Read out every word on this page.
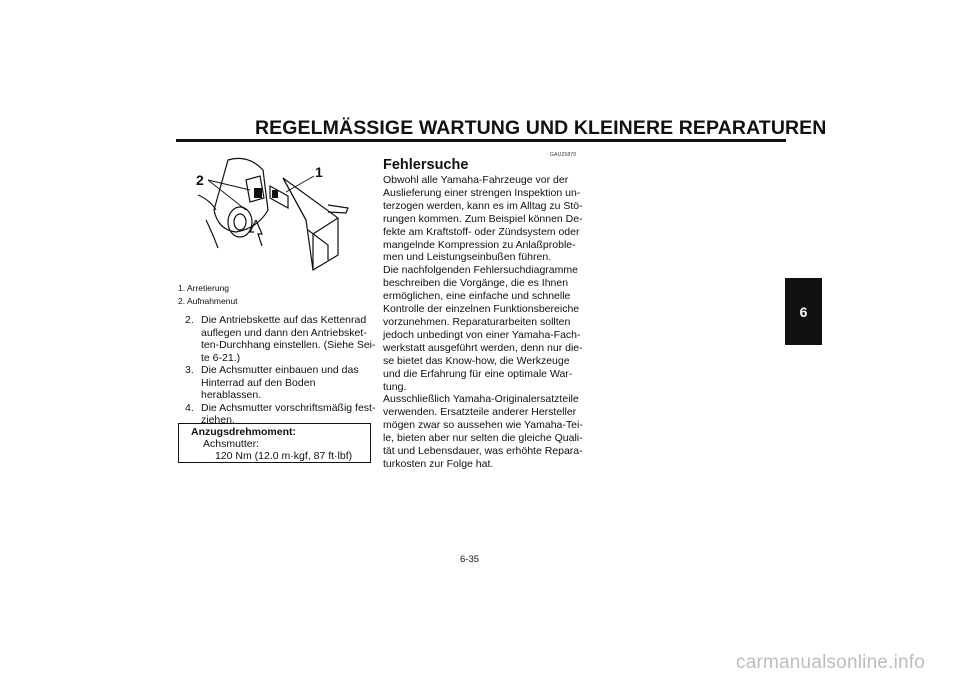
REGELMÄSSIGE WARTUNG UND KLEINERE REPARATUREN
6
2	1
1. Arretierung
2. Aufnahmenut
2. Die Antriebskette auf das Kettenrad auflegen und dann den Antriebsketten-Durchhang einstellen. (Siehe Seite 6-21.)
3. Die Achsmutter einbauen und das Hinterrad auf den Boden herablassen.
4. Die Achsmutter vorschriftsmäßig festziehen.
Anzugsdrehmoment:
Achsmutter:
120 Nm (12.0 m·kgf, 87 ft·lbf)
GAU25870
Fehlersuche

Obwohl alle Yamaha-Fahrzeuge vor der Auslieferung einer strengen Inspektion unterzogen werden, kann es im Alltag zu Störungen kommen. Zum Beispiel können Defekte am Kraftstoff- oder Zündsystem oder mangelnde Kompression zu Anlaßproblemen und Leistungseinbußen führen.

Die nachfolgenden Fehlersuchdiagramme beschreiben die Vorgänge, die es Ihnen ermöglichen, eine einfache und schnelle Kontrolle der einzelnen Funktionsbereiche vorzunehmen. Reparaturarbeiten sollten jedoch unbedingt von einer Yamaha-Fachwerkstatt ausgeführt werden, denn nur diese bietet das Know-how, die Werkzeuge und die Erfahrung für eine optimale Wartung.

Ausschließlich Yamaha-Originalersatzteile verwenden. Ersatzteile anderer Hersteller mögen zwar so aussehen wie Yamaha-Teile, bieten aber nur selten die gleiche Qualität und Lebensdauer, was erhöhte Reparaturkosten zur Folge hat.

6-35
carmanualsonline.info
